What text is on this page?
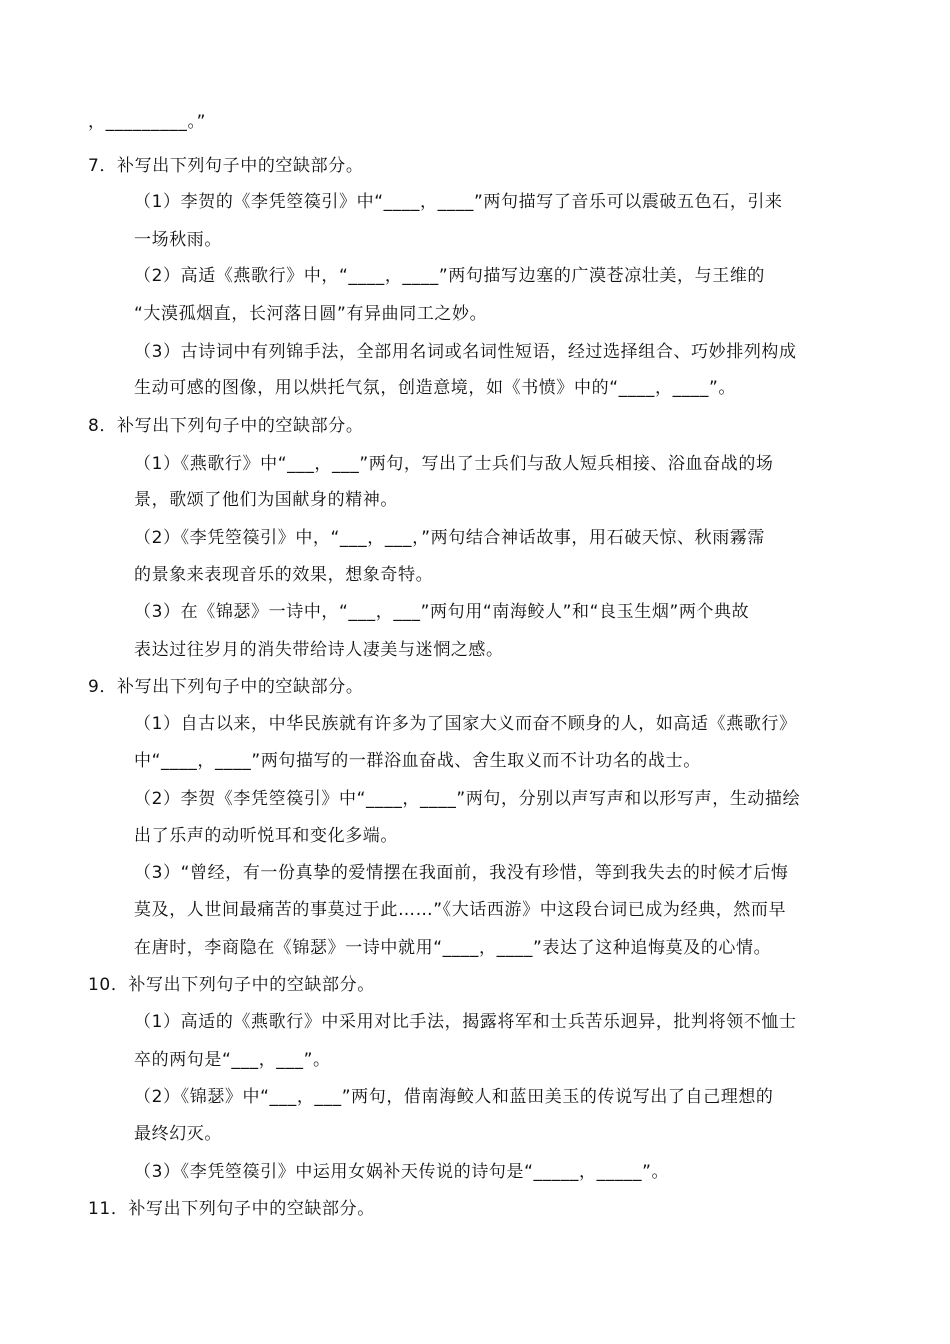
，_________。”
7．补写出下列句子中的空缺部分。
（1）李贺的《李凭箜篌引》中“____，____”两句描写了音乐可以震破五色石，引来
一场秋雨。
（2）高适《燕歌行》中，“____，____”两句描写边塞的广漠苍凉壮美，与王维的
“大漠孤烟直，长河落日圆”有异曲同工之妙。
（3）古诗词中有列锦手法，全部用名词或名词性短语，经过选择组合、巧妙排列构成
生动可感的图像，用以烘托气氛，创造意境，如《书愤》中的“____，____”。
8．补写出下列句子中的空缺部分。
（1）《燕歌行》中“___，___”两句，写出了士兵们与敌人短兵相接、浴血奋战的场
景，歌颂了他们为国献身的精神。
（2）《李凭箜篌引》中，“___，___，”两句结合神话故事，用石破天惊、秋雨霧霈
的景象来表现音乐的效果，想象奇特。
（3）在《锦瑟》一诗中，“___，___”两句用“南海鲛人”和“良玉生烟”两个典故
表达过往岁月的消失带给诗人凄美与迷惘之感。
9．补写出下列句子中的空缺部分。
（1）自古以来，中华民族就有许多为了国家大义而奋不顾身的人，如高适《燕歌行》
中“____，____”两句描写的一群浴血奋战、舍生取义而不计功名的战士。
（2）李贺《李凭箜篌引》中“____，____”两句，分别以声写声和以形写声，生动描绘
出了乐声的动听悦耳和变化多端。
（3）“曾经，有一份真挚的爱情摆在我面前，我没有珍惜，等到我失去的时候才后悔
莫及，人世间最痛苦的事莫过于此……”《大话西游》中这段台词已成为经典，然而早
在唐时，李商隐在《锦瑟》一诗中就用“____，____”表达了这种追悔莫及的心情。
10．补写出下列句子中的空缺部分。
（1）高适的《燕歌行》中采用对比手法，揭露将军和士兵苦乐迥异，批判将领不恤士
卒的两句是“___，___”。
（2）《锦瑟》中“___，___”两句，借南海鲛人和蓝田美玉的传说写出了自己理想的
最终幻灭。
（3）《李凭箜篌引》中运用女娲补天传说的诗句是“_____，_____”。
11．补写出下列句子中的空缺部分。
